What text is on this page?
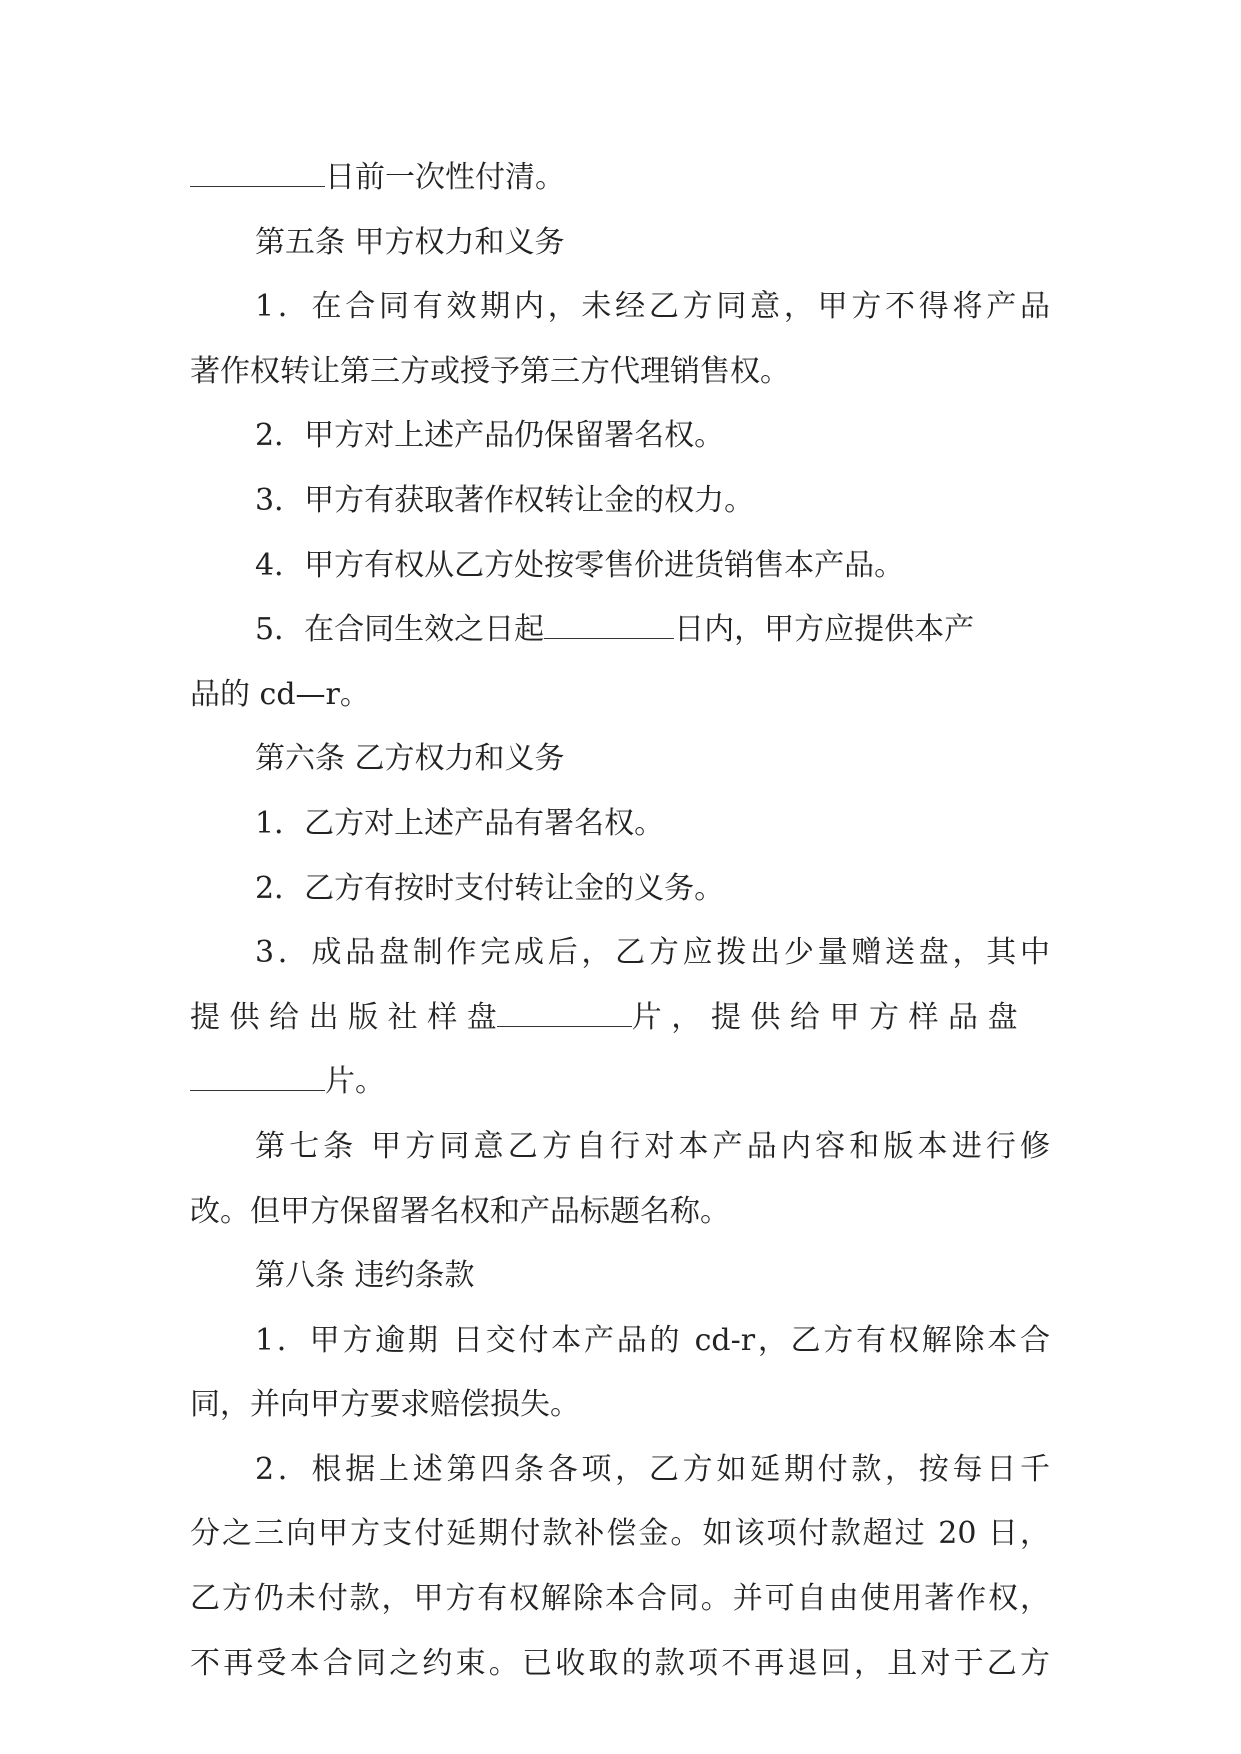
日前一次性付清。
第五条 甲方权力和义务
1．在合同有效期内，未经乙方同意，甲方不得将产品
著作权转让第三方或授予第三方代理销售权。
2．甲方对上述产品仍保留署名权。
3．甲方有获取著作权转让金的权力。
4．甲方有权从乙方处按零售价进货销售本产品。
5．在合同生效之日起	日内，甲方应提供本产
品的 cd—r。
第六条 乙方权力和义务
1．乙方对上述产品有署名权。
2．乙方有按时支付转让金的义务。
3．成品盘制作完成后，乙方应拨出少量赠送盘，其中
提 供 给 出 版 社 样 盘	片 ， 提 供 给 甲 方 样 品 盘
片。
第七条 甲方同意乙方自行对本产品内容和版本进行修
改。但甲方保留署名权和产品标题名称。
第八条 违约条款
1．甲方逾期 日交付本产品的 cd-r，乙方有权解除本合
同，并向甲方要求赔偿损失。
2．根据上述第四条各项，乙方如延期付款，按每日千
分之三向甲方支付延期付款补偿金。如该项付款超过 20 日，
乙方仍未付款，甲方有权解除本合同。并可自由使用著作权，
不再受本合同之约束。已收取的款项不再退回，且对于乙方
